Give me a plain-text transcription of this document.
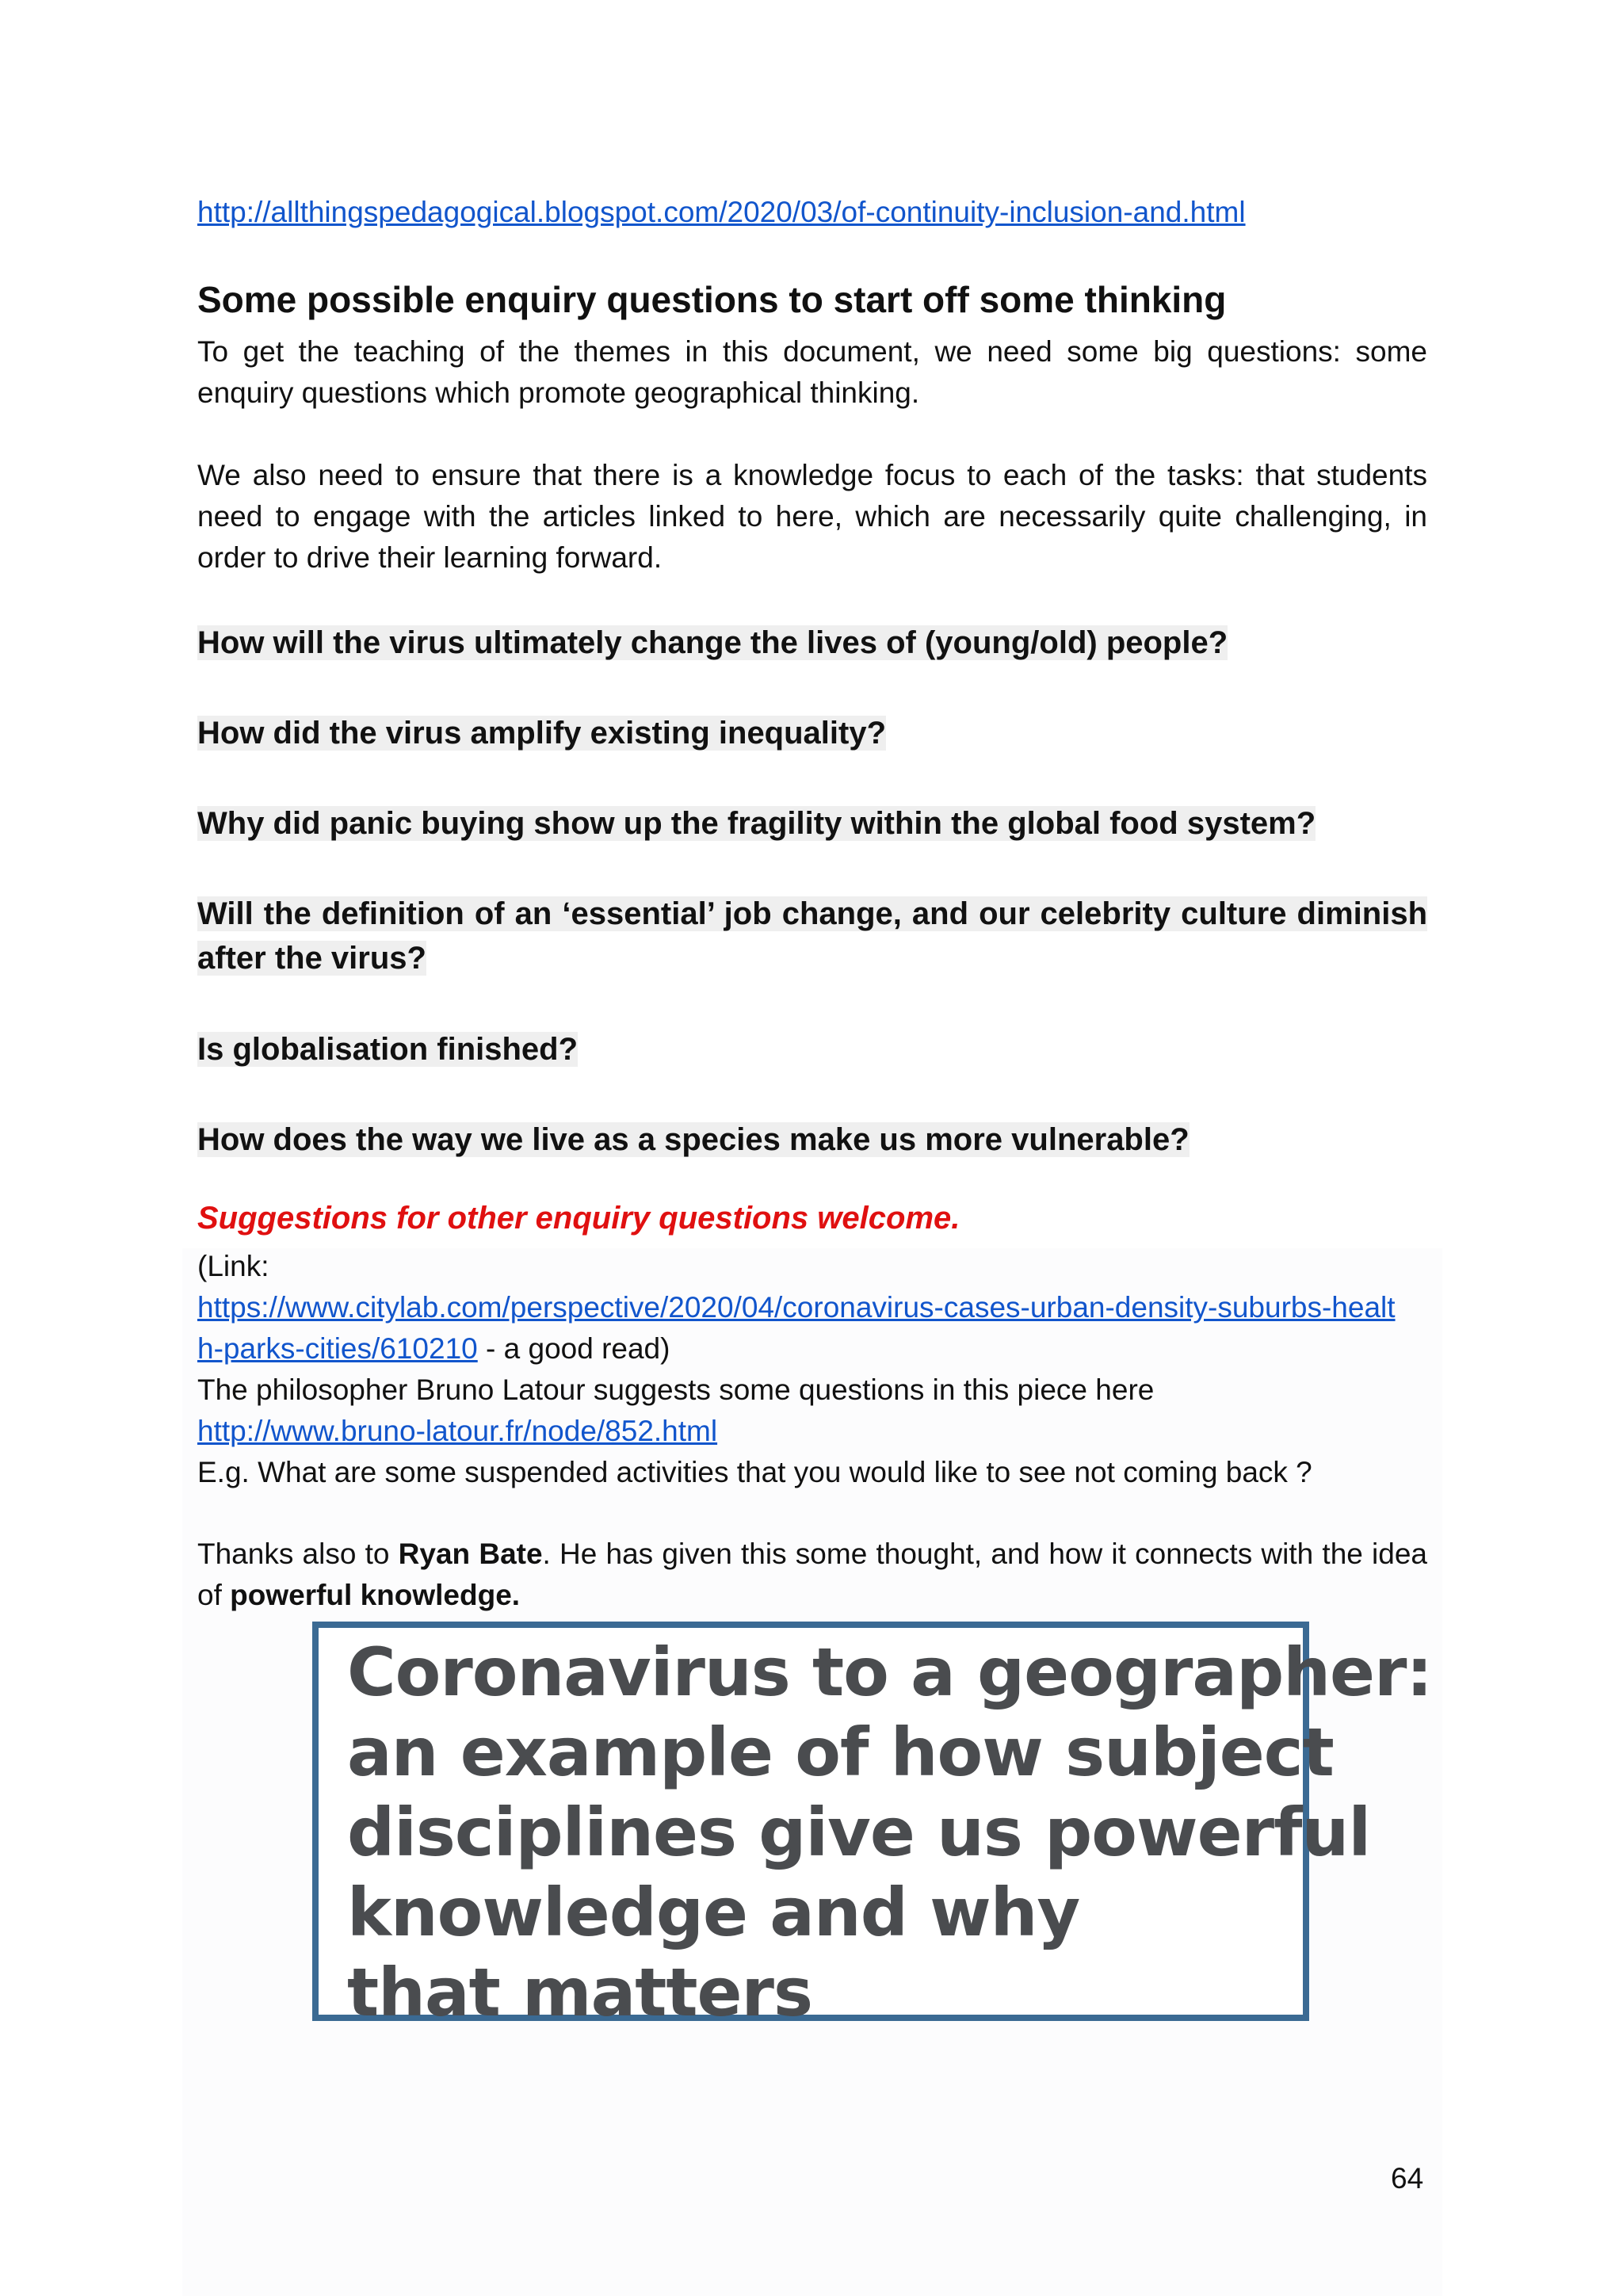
http://allthingspedagogical.blogspot.com/2020/03/of-continuity-inclusion-and.html
Some possible enquiry questions to start off some thinking

To get the teaching of the themes in this document, we need some big questions: some enquiry questions which promote geographical thinking.

We also need to ensure that there is a knowledge focus to each of the tasks: that students need to engage with the articles linked to here, which are necessarily quite challenging, in order to drive their learning forward.

How will the virus ultimately change the lives of (young/old) people?

How did the virus amplify existing inequality?

Why did panic buying show up the fragility within the global food system?

Will the definition of an ‘essential’ job change, and our celebrity culture diminish after the virus?

Is globalisation finished?

How does the way we live as a species make us more vulnerable?

Suggestions for other enquiry questions welcome.

(Link:
https://www.citylab.com/perspective/2020/04/coronavirus-cases-urban-density-suburbs-healt
h-parks-cities/610210 - a good read)
The philosopher Bruno Latour suggests some questions in this piece here
http://www.bruno-latour.fr/node/852.html
E.g. What are some suspended activities that you would like to see not coming back ?

Thanks also to Ryan Bate. He has given this some thought, and how it connects with the idea of powerful knowledge.

Coronavirus to a geographer:
an example of how subject
disciplines give us powerful
knowledge and why
that matters
64
